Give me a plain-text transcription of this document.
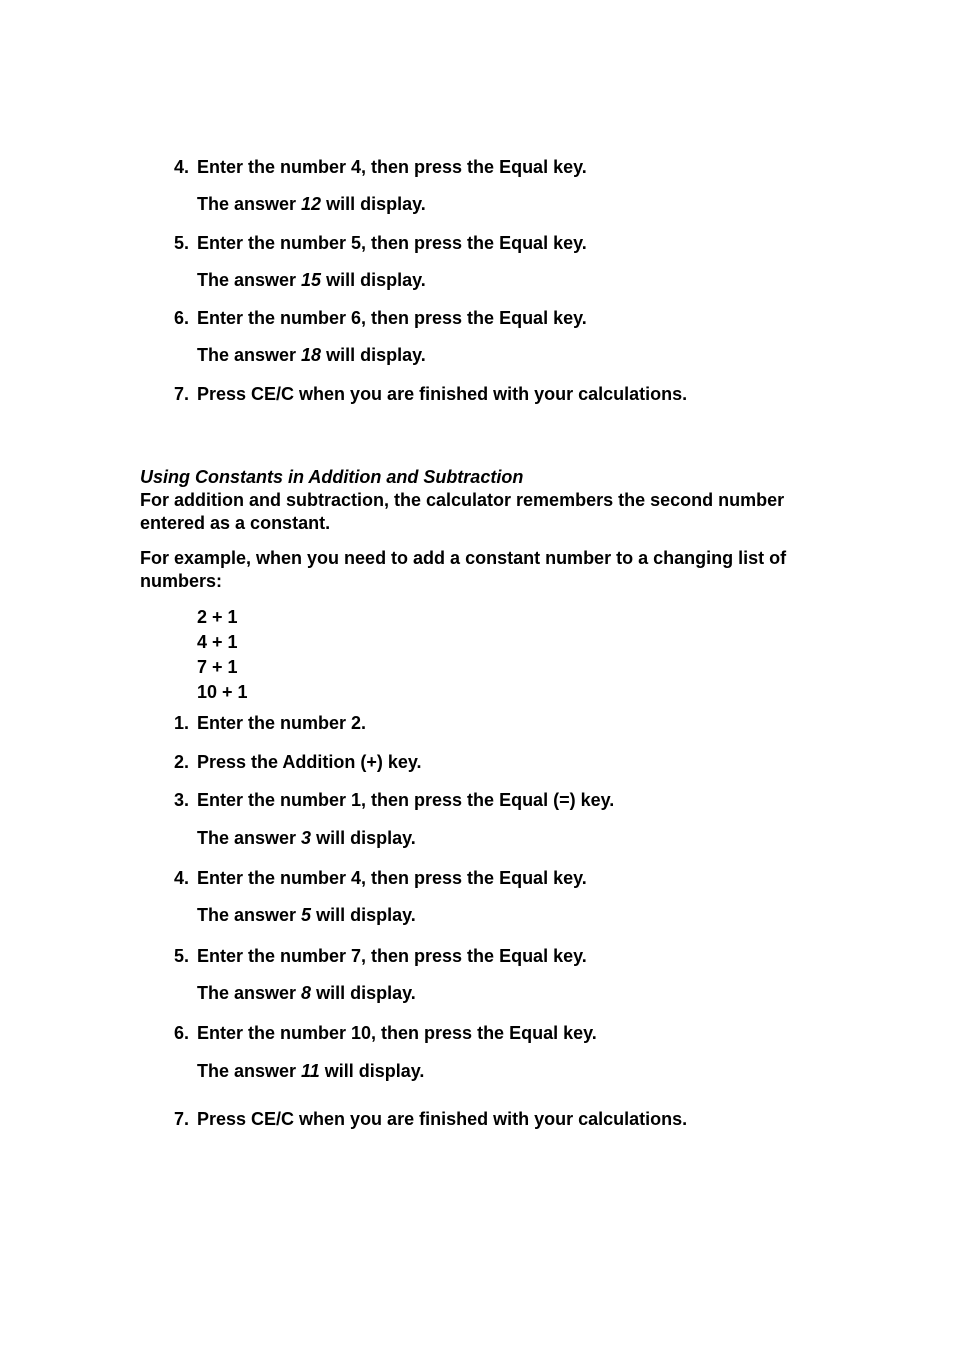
4. Enter the number 4, then press the Equal key.
The answer 12 will display.
5. Enter the number 5, then press the Equal key.
The answer 15 will display.
6. Enter the number 6, then press the Equal key.
The answer 18 will display.
7. Press CE/C when you are finished with your calculations.
Using Constants in Addition and Subtraction
For addition and subtraction, the calculator remembers the second number
entered as a constant.
For example, when you need to add a constant number to a changing list of
numbers:
2 + 1
4 + 1
7 + 1
10 + 1
1. Enter the number 2.
2. Press the Addition (+) key.
3. Enter the number 1, then press the Equal (=) key.
The answer 3 will display.
4. Enter the number 4, then press the Equal key.
The answer 5 will display.
5. Enter the number 7, then press the Equal key.
The answer 8 will display.
6. Enter the number 10, then press the Equal key.
The answer 11 will display.
7. Press CE/C when you are finished with your calculations.
